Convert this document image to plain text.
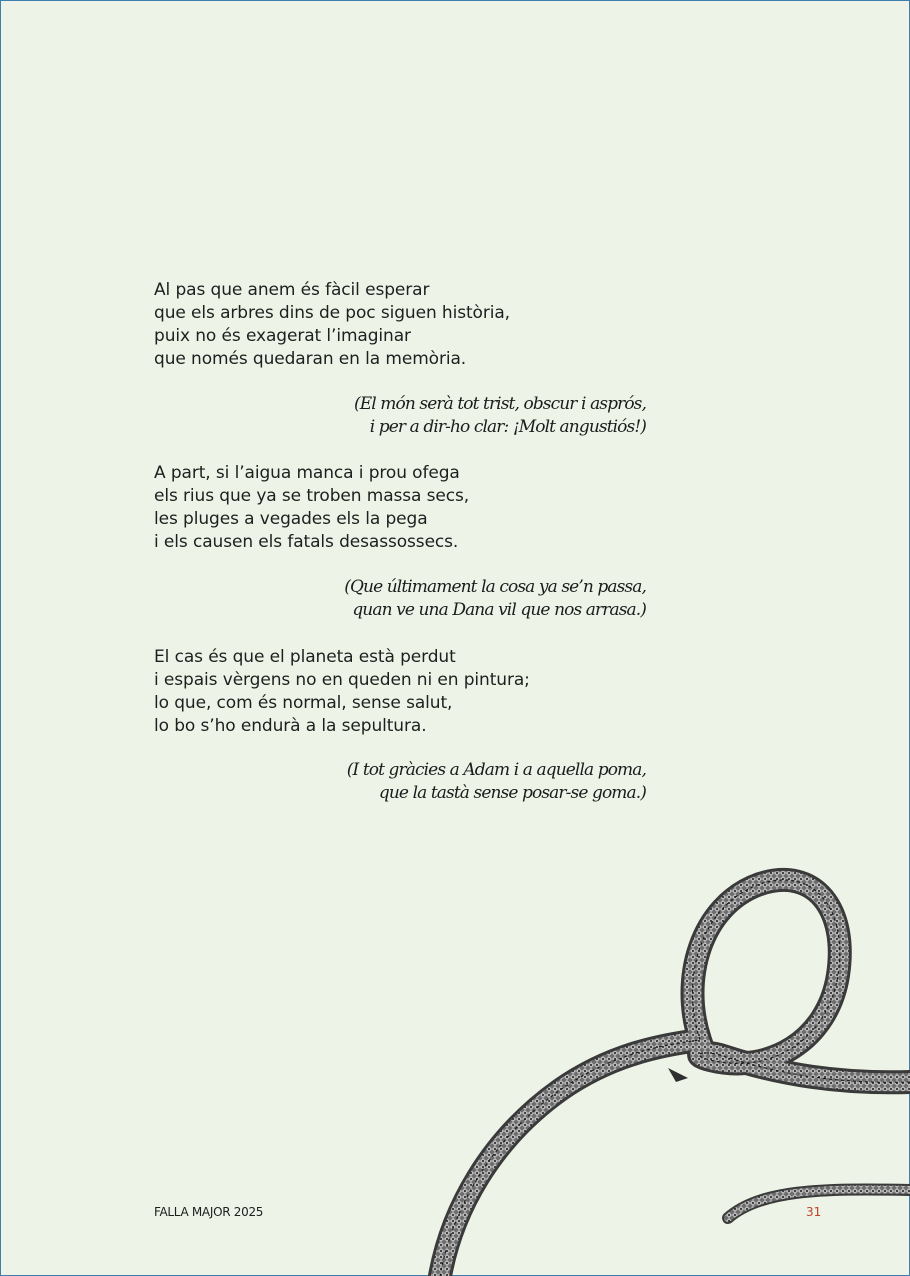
Al pas que anem és fàcil esperar
que els arbres dins de poc siguen història,
puix no és exagerat l’imaginar
que només quedaran en la memòria.
(El món serà tot trist, obscur i asprós,
i per a dir-ho clar: ¡Molt angustiós!)
A part, si l’aigua manca i prou ofega
els rius que ya se troben massa secs,
les pluges a vegades els la pega
i els causen els fatals desassossecs.
(Que últimament la cosa ya se’n passa,
quan ve una Dana vil que nos arrasa.)
El cas és que el planeta està perdut
i espais vèrgens no en queden ni en pintura;
lo que, com és normal, sense salut,
lo bo s’ho endurà a la sepultura.
(I tot gràcies a Adam i a aquella poma,
que la tastà sense posar-se goma.)
FALLA MAJOR 2025	31
